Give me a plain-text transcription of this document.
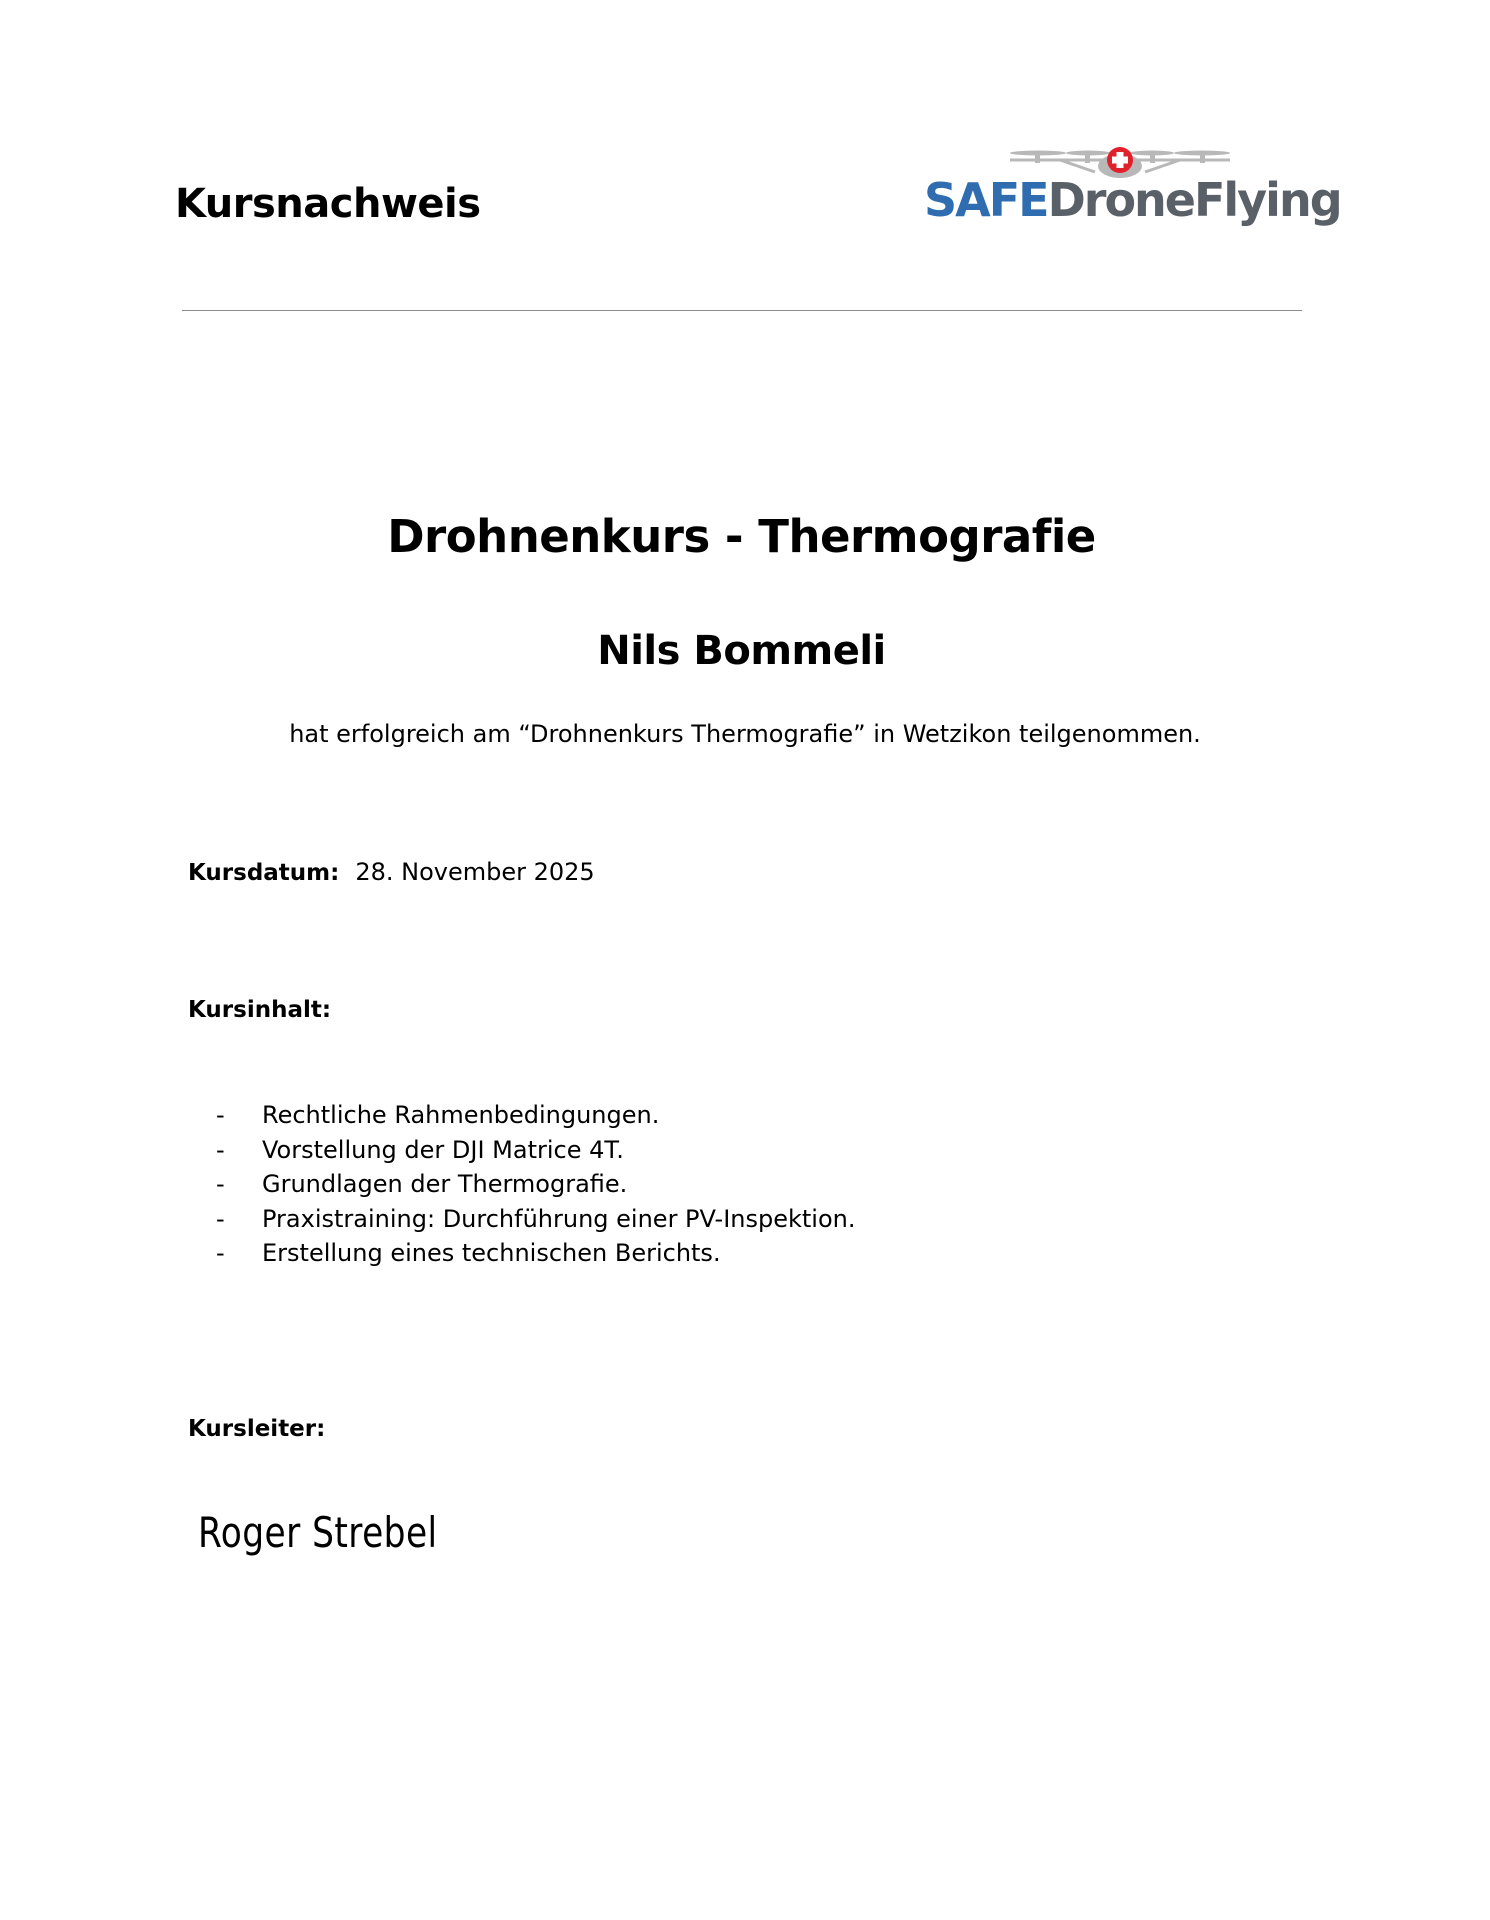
Kursnachweis	SAFEDroneFlying
Drohnenkurs - Thermografie
Nils Bommeli
hat erfolgreich am “Drohnenkurs Thermografie” in Wetzikon teilgenommen.
Kursdatum: 28. November 2025
Kursinhalt:
-	Rechtliche Rahmenbedingungen.
-	Vorstellung der DJI Matrice 4T.
-	Grundlagen der Thermografie.
-	Praxistraining: Durchführung einer PV-Inspektion.
-	Erstellung eines technischen Berichts.
Kursleiter:
Roger Strebel
